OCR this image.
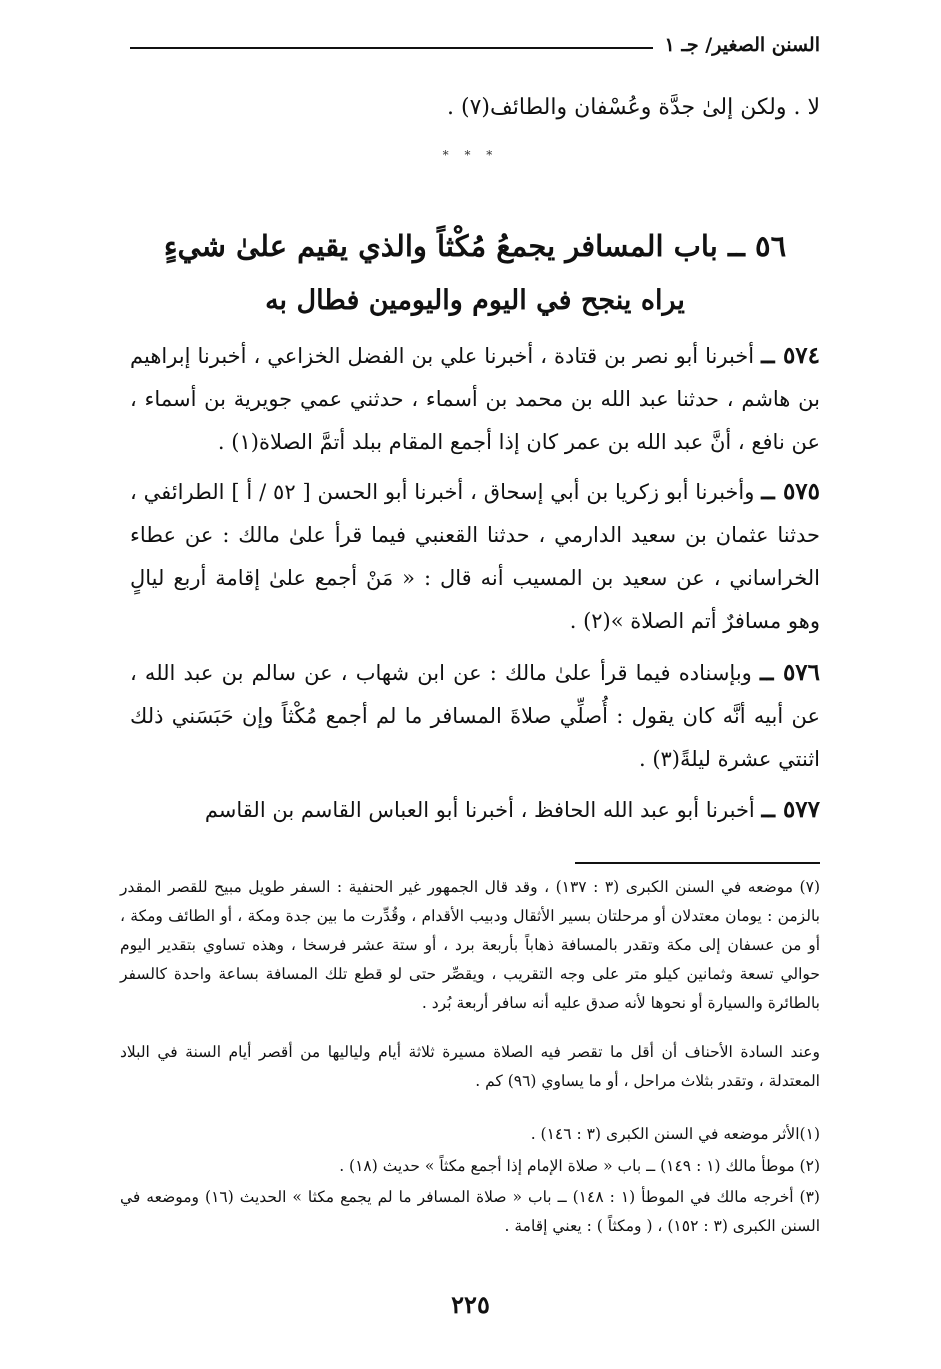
السنن الصغير/ جـ ١
لا . ولكن إلىٰ جدَّة وعُسْفان والطائف(٧) .
* * *
٥٦ ــ باب المسافر يجمعُ مُكْثاً والذي يقيم علىٰ شيءٍ
يراه ينجح في اليوم واليومين فطال به
٥٧٤ ــ أخبرنا أبو نصر بن قتادة ، أخبرنا علي بن الفضل الخزاعي ، أخبرنا إبراهيم بن هاشم ، حدثنا عبد الله بن محمد بن أسماء ، حدثني عمي جويرية بن أسماء ، عن نافع ، أنَّ عبد الله بن عمر كان إذا أجمع المقام ببلد أتمَّ الصلاة(١) .
٥٧٥ ــ وأخبرنا أبو زكريا بن أبي إسحاق ، أخبرنا أبو الحسن [ ٥٢ / أ ] الطرائفي ، حدثنا عثمان بن سعيد الدارمي ، حدثنا القعنبي فيما قرأ علىٰ مالك : عن عطاء الخراساني ، عن سعيد بن المسيب أنه قال : « مَنْ أجمع علىٰ إقامة أربع ليالٍ وهو مسافرٌ أتم الصلاة »(٢) .
٥٧٦ ــ وبإسناده فيما قرأ علىٰ مالك : عن ابن شهاب ، عن سالم بن عبد الله ، عن أبيه أنَّه كان يقول : أُصلِّي صلاةَ المسافر ما لم أجمع مُكْثاً وإن حَبَسَني ذلك اثنتي عشرة ليلةً(٣) .
٥٧٧ ــ أخبرنا أبو عبد الله الحافظ ، أخبرنا أبو العباس القاسم بن القاسم
(٧) موضعه في السنن الكبرى (٣ : ١٣٧) ، وقد قال الجمهور غير الحنفية : السفر طويل مبيح للقصر المقدر بالزمن : يومان معتدلان أو مرحلتان بسير الأثقال ودبيب الأقدام ، وقُدِّرت ما بين جدة ومكة ، أو الطائف ومكة ، أو من عسفان إلى مكة وتقدر بالمسافة ذهاباً بأربعة برد ، أو ستة عشر فرسخا ، وهذه تساوي بتقدير اليوم حوالي تسعة وثمانين كيلو متر على وجه التقريب ، ويقصِّر حتى لو قطع تلك المسافة بساعة واحدة كالسفر بالطائرة والسيارة أو نحوها لأنه صدق عليه أنه سافر أربعة بُرد .
وعند السادة الأحناف أن أقل ما تقصر فيه الصلاة مسيرة ثلاثة أيام ولياليها من أقصر أيام السنة في البلاد المعتدلة ، وتقدر بثلاث مراحل ، أو ما يساوي (٩٦) كم .
(١)الأثر موضعه في السنن الكبرى (٣ : ١٤٦) .
(٢) موطأ مالك (١ : ١٤٩) ــ باب « صلاة الإمام إذا أجمع مكثاً » حديث (١٨) .
(٣) أخرجه مالك في الموطأ (١ : ١٤٨) ــ باب « صلاة المسافر ما لم يجمع مكثا » الحديث (١٦) وموضعه في السنن الكبرى (٣ : ١٥٢) ، ( ومكثاً ) : يعني إقامة .
٢٢٥
